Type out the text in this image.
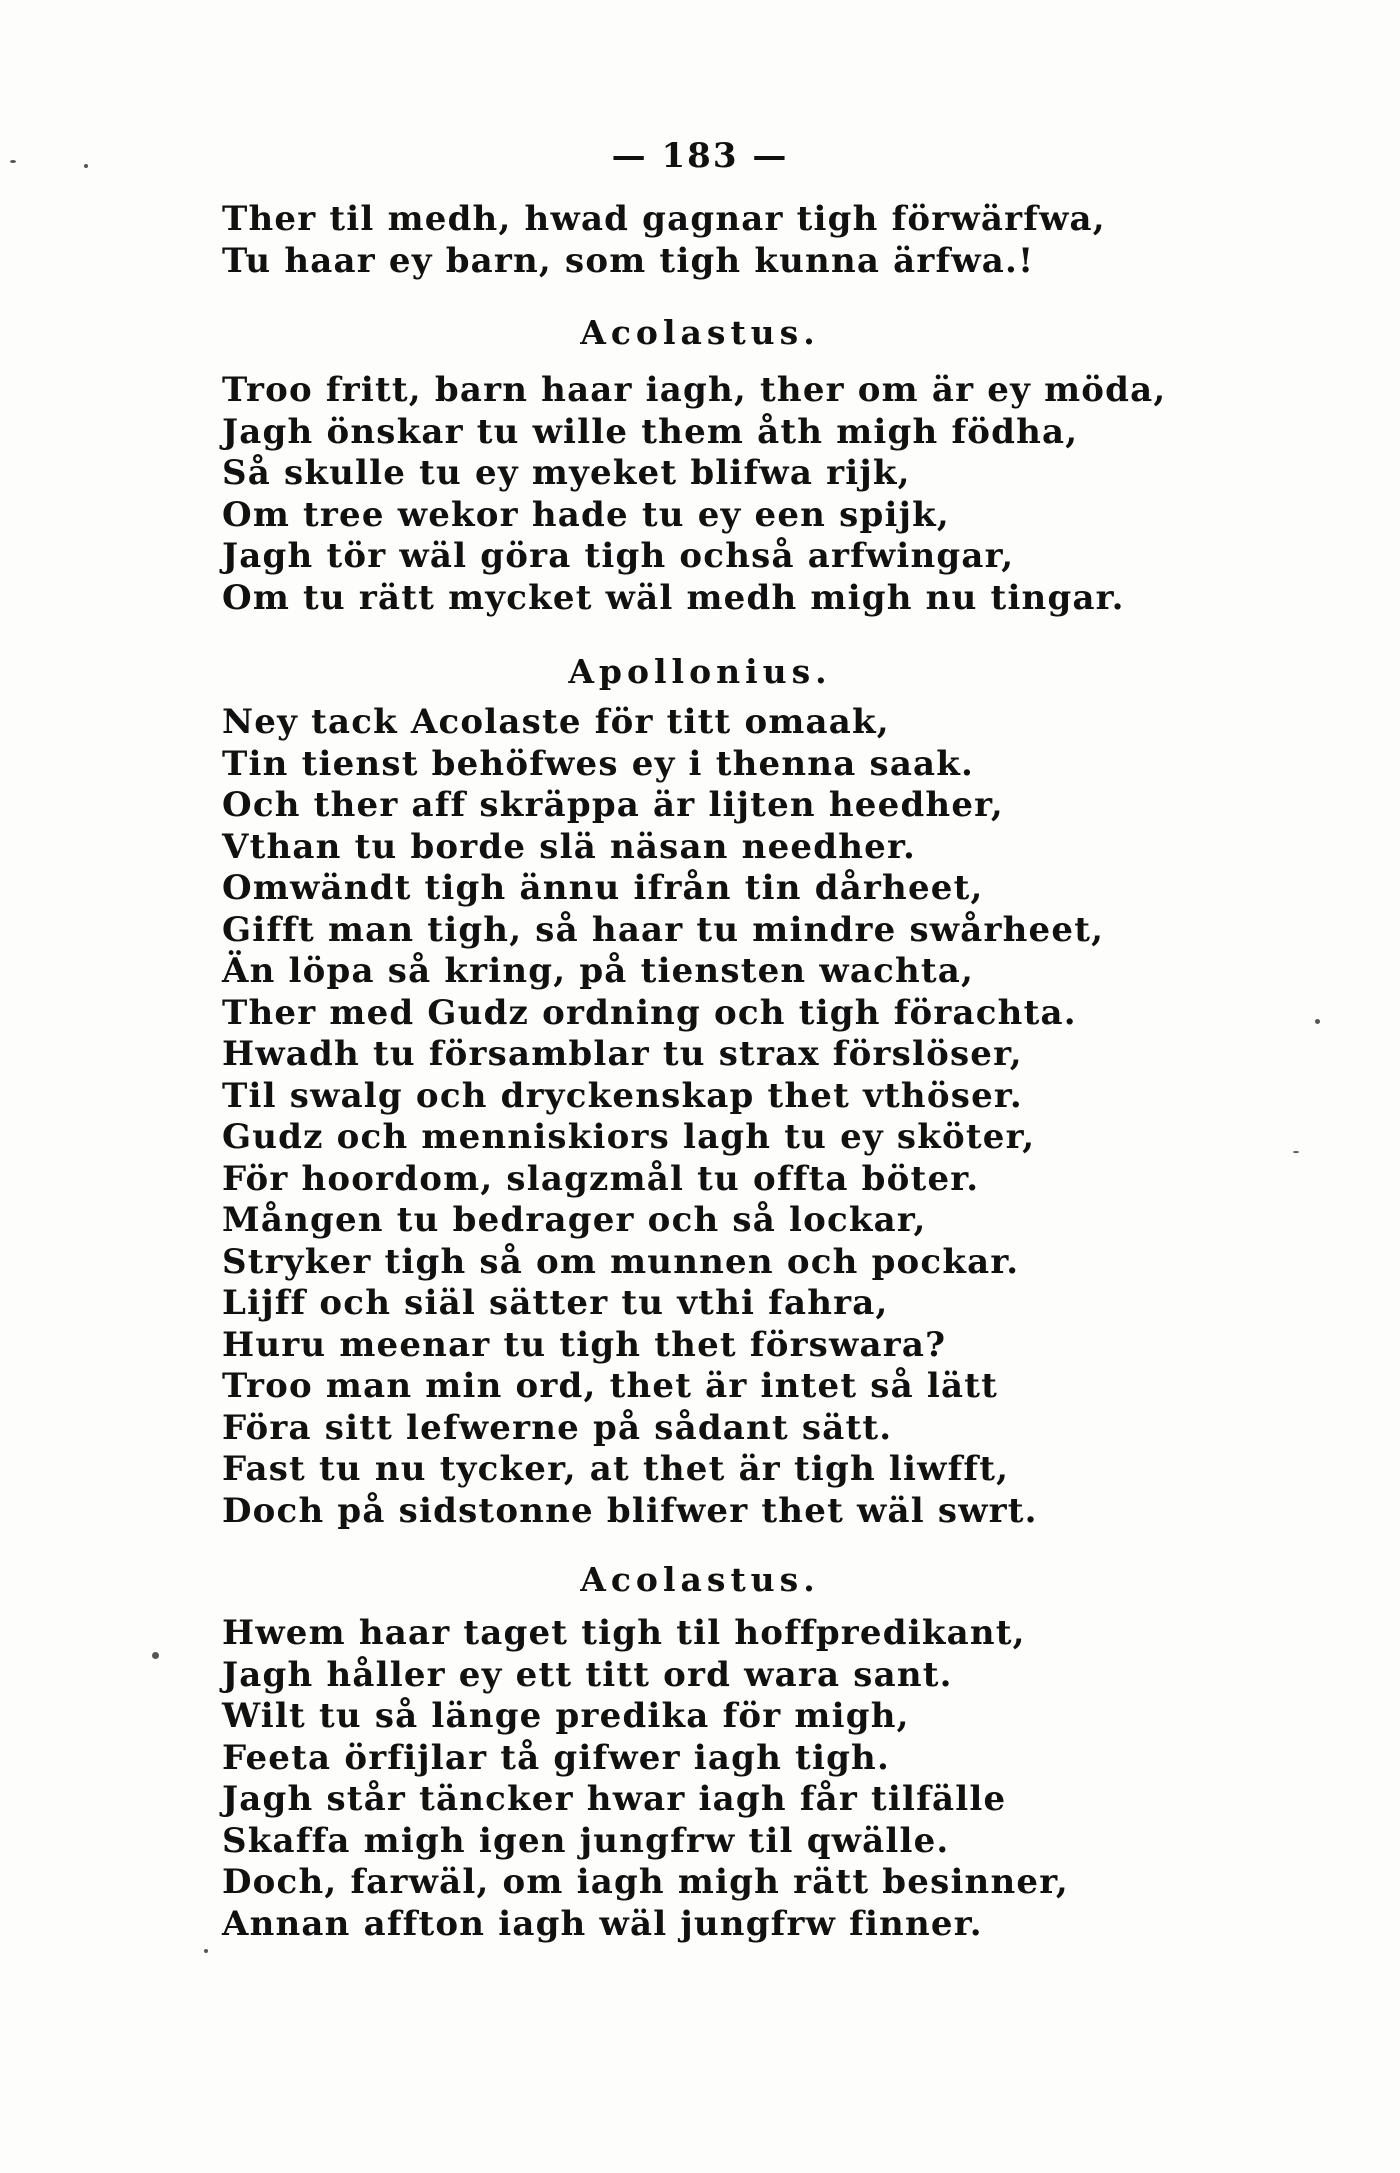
— 183 —
Ther til medh, hwad gagnar tigh förwärfwa,
Tu haar ey barn, som tigh kunna ärfwa.!
Acolastus.
Troo fritt, barn haar iagh, ther om är ey möda,
Jagh önskar tu wille them åth migh födha,
Så skulle tu ey myeket blifwa rijk,
Om tree wekor hade tu ey een spijk,
Jagh tör wäl göra tigh ochså arfwingar,
Om tu rätt mycket wäl medh migh nu tingar.
Apollonius.
Ney tack Acolaste för titt omaak,
Tin tienst behöfwes ey i thenna saak.
Och ther aff skräppa är lijten heedher,
Vthan tu borde slä näsan needher.
Omwändt tigh ännu ifrån tin dårheet,
Gifft man tigh, så haar tu mindre swårheet,
Än löpa så kring, på tiensten wachta,
Ther med Gudz ordning och tigh förachta.
Hwadh tu församblar tu strax förslöser,
Til swalg och dryckenskap thet vthöser.
Gudz och menniskiors lagh tu ey sköter,
För hoordom, slagzmål tu offta böter.
Mången tu bedrager och så lockar,
Stryker tigh så om munnen och pockar.
Lijff och siäl sätter tu vthi fahra,
Huru meenar tu tigh thet förswara?
Troo man min ord, thet är intet så lätt
Föra sitt lefwerne på sådant sätt.
Fast tu nu tycker, at thet är tigh liwfft,
Doch på sidstonne blifwer thet wäl swrt.
Acolastus.
Hwem haar taget tigh til hoffpredikant,
Jagh håller ey ett titt ord wara sant.
Wilt tu så länge predika för migh,
Feeta örfijlar tå gifwer iagh tigh.
Jagh står täncker hwar iagh får tilfälle
Skaffa migh igen jungfrw til qwälle.
Doch, farwäl, om iagh migh rätt besinner,
Annan affton iagh wäl jungfrw finner.
